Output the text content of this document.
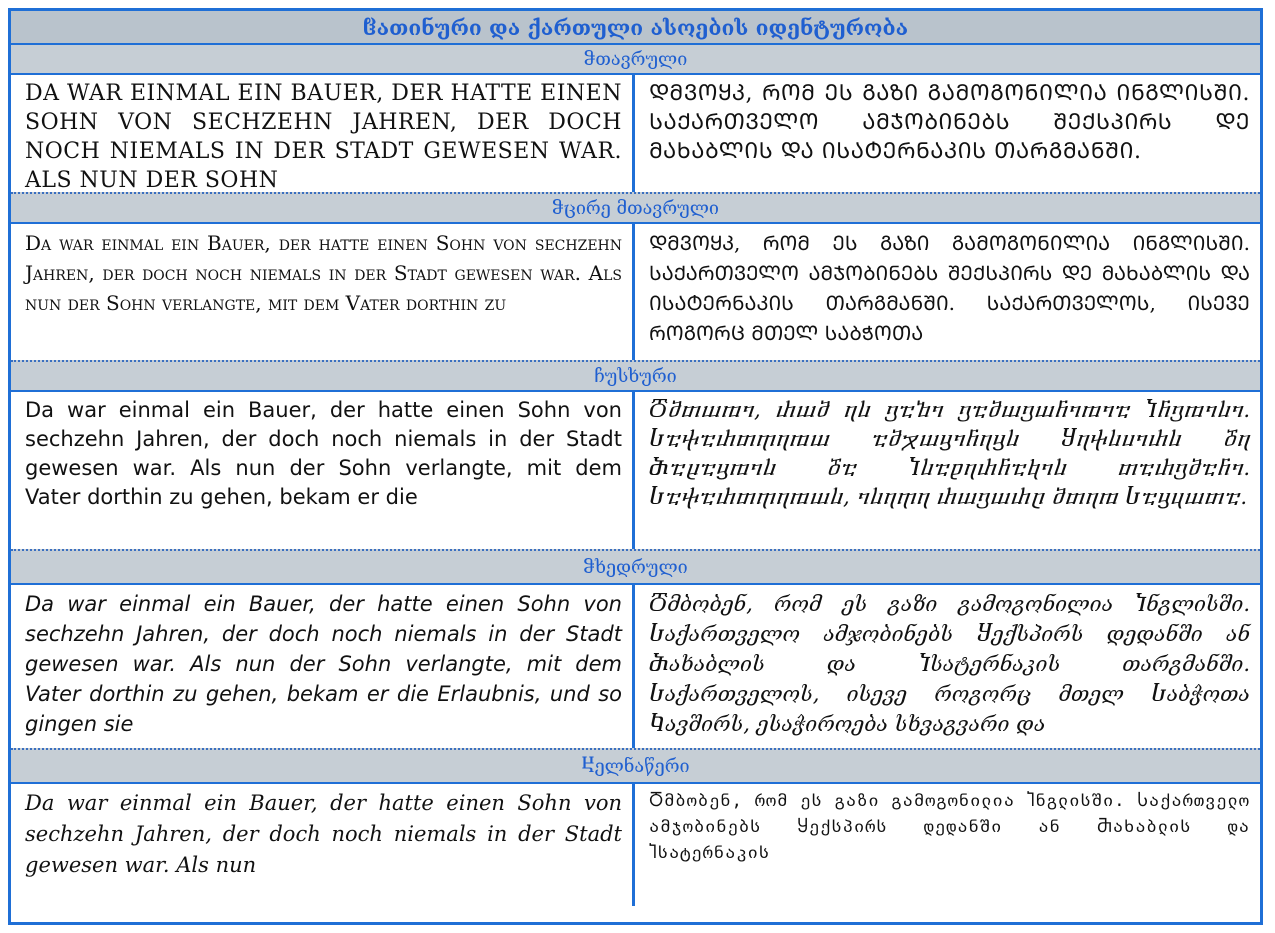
ჱათინური და ქართული ასოების იდენტურობა
ჵთავრული
DA WAR EINMAL EIN BAUER, DER HATTE EINEN SOHN VON SECHZEHN JAHREN, DER DOCH NOCH NIEMALS IN DER STADT GEWESEN WAR. ALS NUN DER SOHN
ᲓᲛᲕᲝᲧᲙ, ᲠᲝᲛ ᲔᲡ ᲒᲐᲖᲘ ᲒᲐᲛᲝᲒᲝᲜᲘᲚᲘᲐ ᲘᲜᲒᲚᲘᲡᲨᲘ. ᲡᲐᲥᲐᲠᲗᲕᲔᲚᲝ ᲐᲛᲯᲝᲑᲘᲜᲔᲑᲡ ᲨᲔᲥᲡᲞᲘᲠᲡ ᲓᲔ ᲛᲐᲮᲐᲑᲚᲘᲡ ᲓᲐ ᲘᲡᲐᲢᲔᲠᲜᲐᲙᲘᲡ ᲗᲐᲠᲒᲛᲐᲜᲨᲘ.
ჵცირე მთავრული
Da war einmal ein Bauer, der hatte einen Sohn von sechzehn Jahren, der doch noch niemals in der Stadt gewesen war. Als nun der Sohn verlangte, mit dem Vater dorthin zu
ᲓᲛᲕᲝᲧᲙ, ᲠᲝᲛ ᲔᲡ ᲒᲐᲖᲘ ᲒᲐᲛᲝᲒᲝᲜᲘᲚᲘᲐ ᲘᲜᲒᲚᲘᲡᲨᲘ. ᲡᲐᲥᲐᲠᲗᲕᲔᲚᲝ ᲐᲛᲯᲝᲑᲘᲜᲔᲑᲡ ᲨᲔᲥᲡᲞᲘᲠᲡ ᲓᲔ ᲛᲐᲮᲐᲑᲚᲘᲡ ᲓᲐ ᲘᲡᲐᲢᲔᲠᲜᲐᲙᲘᲡ ᲗᲐᲠᲒᲛᲐᲜᲨᲘ. ᲡᲐᲥᲐᲠᲗᲕᲔᲚᲝᲡ, ᲘᲡᲔᲕᲔ ᲠᲝᲒᲝᲠᲪ ᲛᲗᲔᲚ ᲡᲐᲑᲭᲝᲗᲐ
ჩუსხური
Da war einmal ein Bauer, der hatte einen Sohn von sechzehn Jahren, der doch noch niemals in der Stadt gewesen war. Als nun der Sohn verlangte, mit dem Vater dorthin zu gehen, bekam er die
Ⴃⴋⴇⴍⴊⴈ, ⴐⴍⴋ ⴄⴑ ⴂⴀⴆⴈ ⴂⴀⴋⴍⴂⴍⴌⴈⴊⴈⴀ Ⴈⴌⴂⴊⴈⴑⴈ. Ⴑⴀⴕⴀⴐⴇⴅⴄⴊⴍ ⴀⴋⴟⴍⴁⴈⴌⴄⴁⴑ Ⴘⴄⴕⴑⴎⴈⴐⴑ ⴃⴄ Ⴋⴀⴞⴀⴁⴊⴈⴑ ⴃⴀ Ⴈⴑⴀⴒⴄⴐⴌⴀⴉⴈⴑ ⴇⴀⴐⴂⴋⴀⴌⴈ. Ⴑⴀⴕⴀⴐⴇⴅⴄⴊⴍⴑ, ⴈⴑⴄⴅⴄ ⴐⴍⴂⴍⴐⴚ ⴋⴇⴄⴊ Ⴑⴀⴁⴗⴍⴇⴀ.
ჵხედრული
Da war einmal ein Bauer, der hatte einen Sohn von sechzehn Jahren, der doch noch niemals in der Stadt gewesen war. Als nun der Sohn verlangte, mit dem Vater dorthin zu gehen, bekam er die Erlaubnis, und so gingen sie
Ⴃმბობენ, რომ ეს გაზი გამოგონილია Ⴈნგლისში. Ⴑაქართველო ამჯობინებს Ⴘექსპირს დედანში ან Ⴋახაბლის და Ⴈსატერნაკის თარგმანში. Ⴑაქართველოს, ისევე როგორც მთელ Ⴑაბჭოთა Ⴉავშირს, ესაჭიროება სხვაგვარი და
Ⴞელნაწერი
Da war einmal ein Bauer, der hatte einen Sohn von sechzehn Jahren, der doch noch niemals in der Stadt gewesen war. Als nun
Ⴃმბობენ, რომ ეს გაზი გამოგონილია Ⴈნგლისში. Ⴑაქართველო ამჯობინებს Ⴘექსპირს დედანში ან Ⴋახაბლის და Ⴈსატერნაკის
